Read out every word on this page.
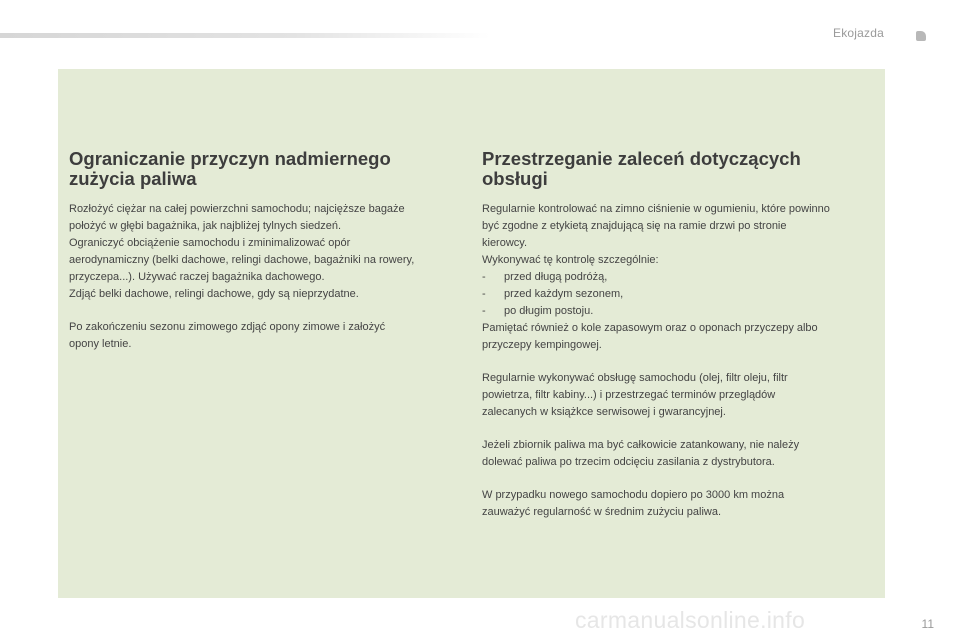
Ekojazda
Ograniczanie przyczyn nadmiernego
zużycia paliwa

Rozłożyć ciężar na całej powierzchni samochodu; najcięższe bagaże
położyć w głębi bagażnika, jak najbliżej tylnych siedzeń.
Ograniczyć obciążenie samochodu i zminimalizować opór
aerodynamiczny (belki dachowe, relingi dachowe, bagażniki na rowery,
przyczepa...). Używać raczej bagażnika dachowego.
Zdjąć belki dachowe, relingi dachowe, gdy są nieprzydatne.

Po zakończeniu sezonu zimowego zdjąć opony zimowe i założyć
opony letnie.

Przestrzeganie zaleceń dotyczących
obsługi

Regularnie kontrolować na zimno ciśnienie w ogumieniu, które powinno
być zgodne z etykietą znajdującą się na ramie drzwi po stronie
kierowcy.
Wykonywać tę kontrolę szczególnie:
-      przed długą podróżą,
-      przed każdym sezonem,
-      po długim postoju.
Pamiętać również o kole zapasowym oraz o oponach przyczepy albo
przyczepy kempingowej.

Regularnie wykonywać obsługę samochodu (olej, filtr oleju, filtr
powietrza, filtr kabiny...) i przestrzegać terminów przeglądów
zalecanych w książkce serwisowej i gwarancyjnej.

Jeżeli zbiornik paliwa ma być całkowicie zatankowany, nie należy
dolewać paliwa po trzecim odcięciu zasilania z dystrybutora.

W przypadku nowego samochodu dopiero po 3000 km można
zauważyć regularność w średnim zużyciu paliwa.

carmanualsonline.info	11
